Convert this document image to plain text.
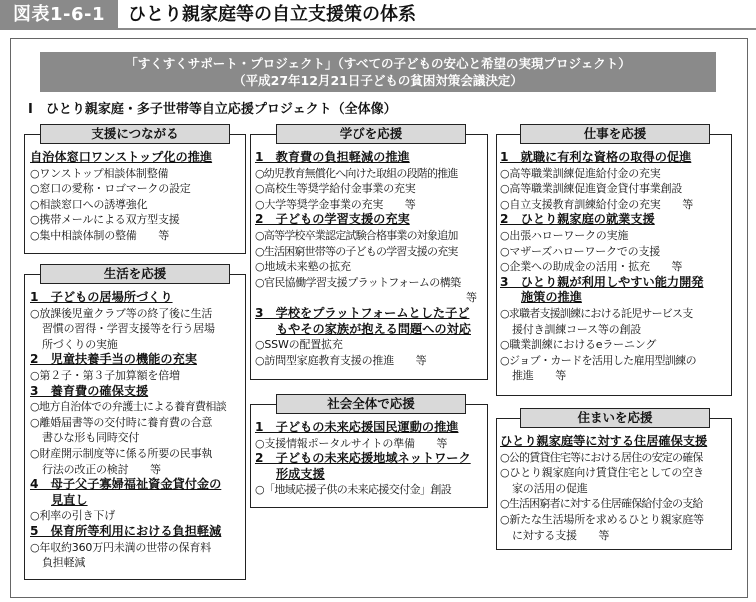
図表1-6-1	ひとり親家庭等の自立支援策の体系
「すくすくサポート・プロジェクト」（すべての子どもの安心と希望の実現プロジェクト）
（平成27年12月21日子どもの貧困対策会議決定）
Ⅰ　ひとり親家庭・多子世帯等自立応援プロジェクト（全体像）
支援につながる
自治体窓口ワンストップ化の推進
○ワンストップ相談体制整備
○窓口の愛称・ロゴマークの設定
○相談窓口への誘導強化
○携帯メールによる双方型支援
○集中相談体制の整備　　等
生活を応援
1　子どもの居場所づくり
○放課後児童クラブ等の終了後に生活
習慣の習得・学習支援等を行う居場
所づくりの実施
2　児童扶養手当の機能の充実
○第２子・第３子加算額を倍増
3　養育費の確保支援
○地方自治体での弁護士による養育費相談
○離婚届書等の交付時に養育費の合意
書ひな形も同時交付
○財産開示制度等に係る所要の民事執
行法の改正の検討　　等
4　母子父子寡婦福祉資金貸付金の
見直し
○利率の引き下げ
5　保育所等利用における負担軽減
○年収約360万円未満の世帯の保育料
負担軽減
学びを応援
1　教育費の負担軽減の推進
○幼児教育無償化へ向けた取組の段階的推進
○高校生等奨学給付金事業の充実
○大学等奨学金事業の充実　　等
2　子どもの学習支援の充実
○高等学校卒業認定試験合格事業の対象追加
○生活困窮世帯等の子どもの学習支援の充実
○地域未来塾の拡充
○官民協働学習支援プラットフォームの構築
等
3　学校をプラットフォームとした子ど
もやその家族が抱える問題への対応
○SSWの配置拡充
○訪問型家庭教育支援の推進　　等
社会全体で応援
1　子どもの未来応援国民運動の推進
○支援情報ポータルサイトの準備　　等
2　子どもの未来応援地域ネットワーク
形成支援
○「地域応援子供の未来応援交付金」創設
仕事を応援
1　就職に有利な資格の取得の促進
○高等職業訓練促進給付金の充実
○高等職業訓練促進資金貸付事業創設
○自立支援教育訓練給付金の充実　　等
2　ひとり親家庭の就業支援
○出張ハローワークの実施
○マザーズハローワークでの支援
○企業への助成金の活用・拡充　　等
3　ひとり親が利用しやすい能力開発
施策の推進
○求職者支援訓練における託児サービス支
援付き訓練コース等の創設
○職業訓練におけるeラーニング
○ジョブ・カードを活用した雇用型訓練の
推進　　等
住まいを応援
ひとり親家庭等に対する住居確保支援
○公的賃貸住宅等における居住の安定の確保
○ひとり親家庭向け賃貸住宅としての空き
家の活用の促進
○生活困窮者に対する住居確保給付金の支給
○新たな生活場所を求めるひとり親家庭等
に対する支援　　等
